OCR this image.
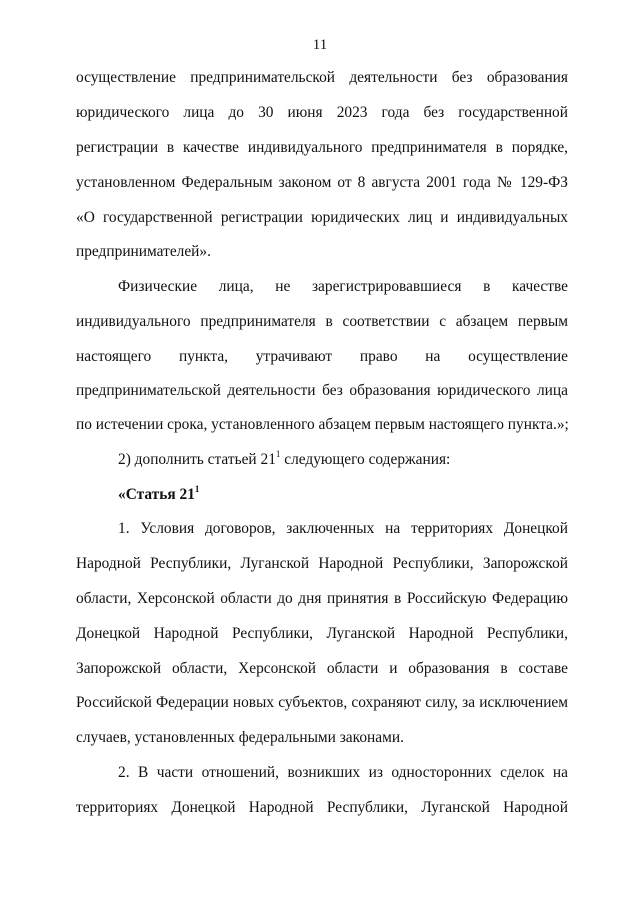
11
осуществление предпринимательской деятельности без образования
юридического лица до 30 июня 2023 года без государственной
регистрации в качестве индивидуального предпринимателя в порядке,
установленном Федеральным законом от 8 августа 2001 года № 129-ФЗ
«О государственной регистрации юридических лиц и индивидуальных
предпринимателей».
Физические лица, не зарегистрировавшиеся в качестве
индивидуального предпринимателя в соответствии с абзацем первым
настоящего пункта, утрачивают право на осуществление
предпринимательской деятельности без образования юридического лица
по истечении срока, установленного абзацем первым настоящего пункта.»;
2) дополнить статьей $21^1$ следующего содержания:
«Статья $21^1$
1. Условия договоров, заключенных на территориях Донецкой
Народной Республики, Луганской Народной Республики, Запорожской
области, Херсонской области до дня принятия в Российскую Федерацию
Донецкой Народной Республики, Луганской Народной Республики,
Запорожской области, Херсонской области и образования в составе
Российской Федерации новых субъектов, сохраняют силу, за исключением
случаев, установленных федеральными законами.
2. В части отношений, возникших из односторонних сделок на
территориях Донецкой Народной Республики, Луганской Народной
